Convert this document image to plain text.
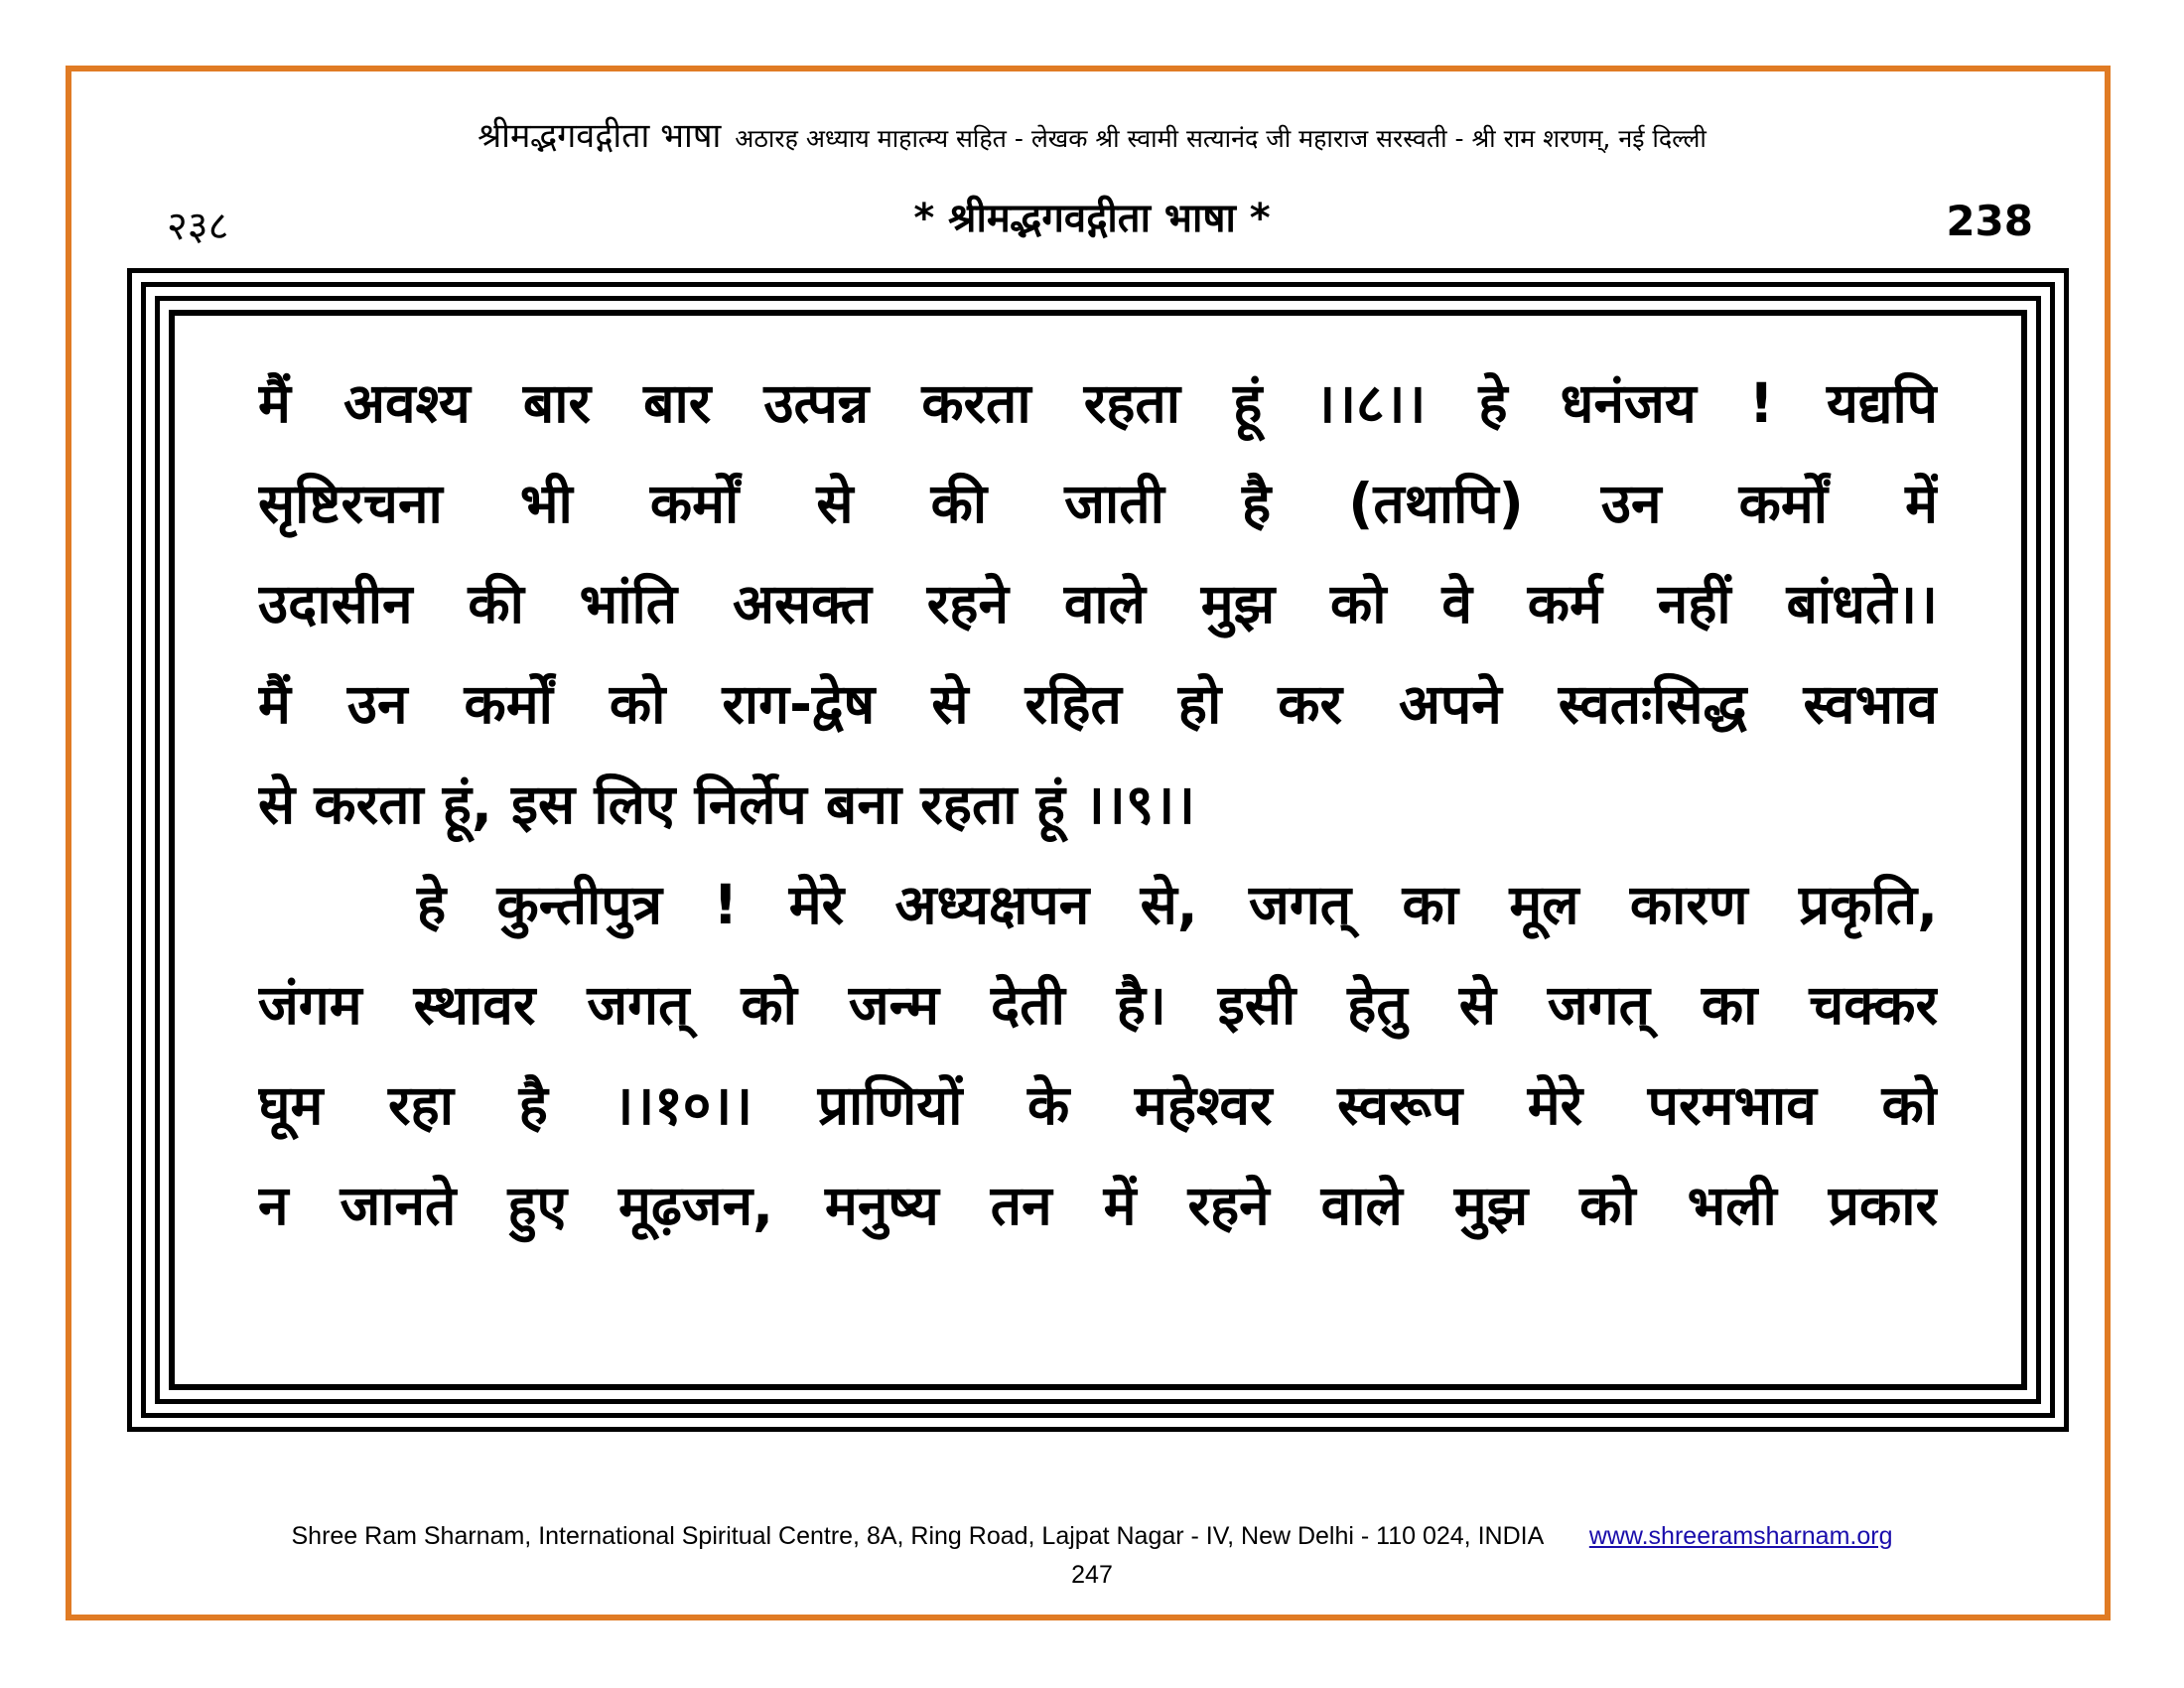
श्रीमद्भगवद्गीता भाषा अठारह अध्याय माहात्म्य सहित - लेखक श्री स्वामी सत्यानंद जी महाराज सरस्वती - श्री राम शरणम्, नई दिल्ली
२३८	* श्रीमद्भगवद्गीता भाषा *	238
मैं अवश्य बार बार उत्पन्न करता रहता हूं ।।८।। हे धनंजय ! यद्यपि
सृष्टिरचना भी कर्मों से की जाती है (तथापि) उन कर्मों में
उदासीन की भांति असक्त रहने वाले मुझ को वे कर्म नहीं बांधते।।
मैं उन कर्मों को राग-द्वेष से रहित हो कर अपने स्वतःसिद्ध स्वभाव
से करता हूं, इस लिए निर्लेप बना रहता हूं ।।९।।
हे कुन्तीपुत्र ! मेरे अध्यक्षपन से, जगत् का मूल कारण प्रकृति,
जंगम स्थावर जगत् को जन्म देती है। इसी हेतु से जगत् का चक्कर
घूम रहा है ।।१०।। प्राणियों के महेश्वर स्वरूप मेरे परमभाव को
न जानते हुए मूढ़जन, मनुष्य तन में रहने वाले मुझ को भली प्रकार
Shree Ram Sharnam, International Spiritual Centre, 8A, Ring Road, Lajpat Nagar - IV, New Delhi - 110 024, INDIA www.shreeramsharnam.org
247
